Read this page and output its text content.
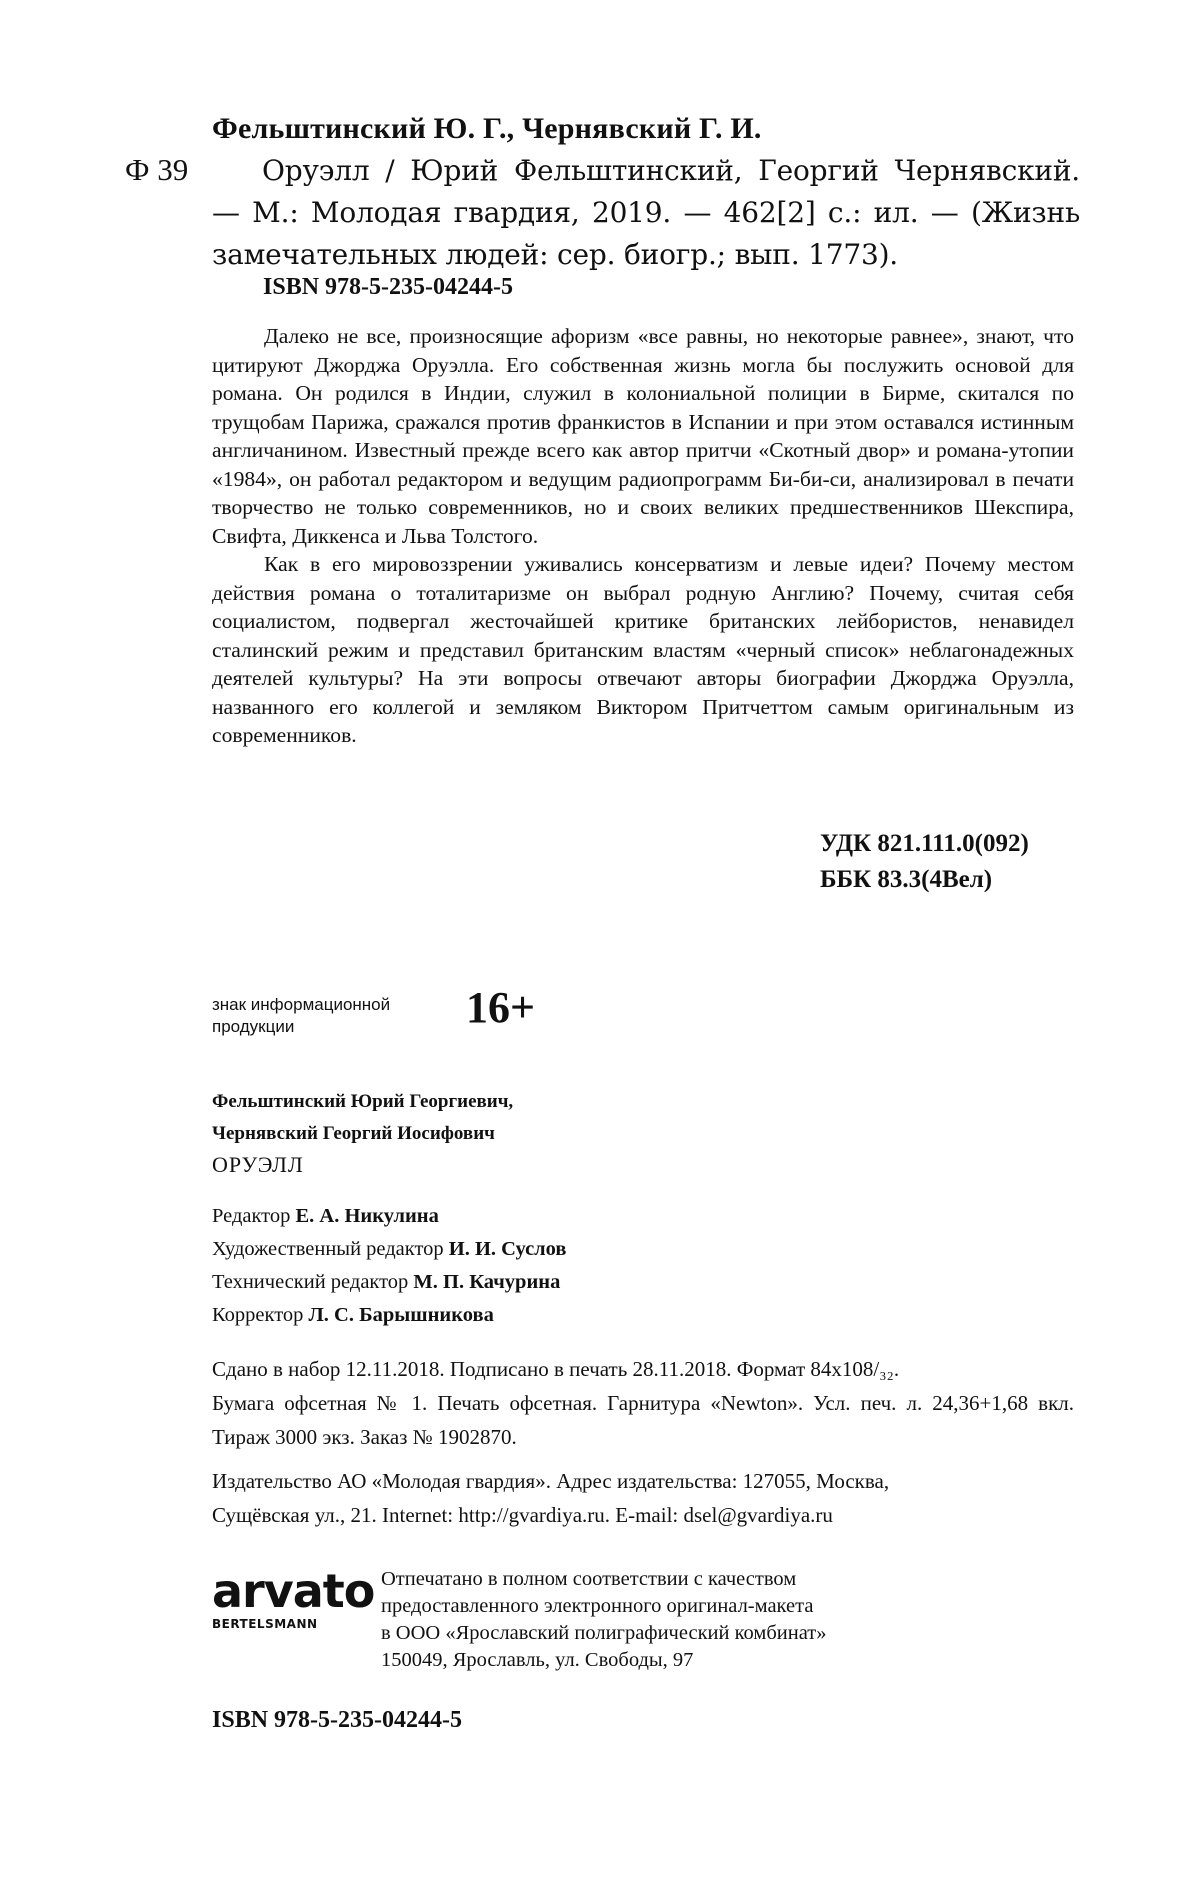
Фельштинский Ю. Г., Чернявский Г. И.
Ф 39	Оруэлл / Юрий Фельштинский, Георгий Чернявский. — М.: Молодая гвардия, 2019. — 462[2] с.: ил. — (Жизнь замечательных людей: сер. биогр.; вып. 1773).
ISBN 978-5-235-04244-5

Далеко не все, произносящие афоризм «все равны, но некоторые равнее», знают, что цитируют Джорджа Оруэлла. Его собственная жизнь могла бы послужить основой для романа. Он родился в Индии, служил в колониальной полиции в Бирме, скитался по трущобам Парижа, сражался против франкистов в Испании и при этом оставался истинным англичанином. Известный прежде всего как автор притчи «Скотный двор» и романа-утопии «1984», он работал редактором и ведущим радиопрограмм Би-би-си, анализировал в печати творчество не только современников, но и своих великих предшественников Шекспира, Свифта, Диккенса и Льва Толстого.

Как в его мировоззрении уживались консерватизм и левые идеи? Почему местом действия романа о тоталитаризме он выбрал родную Англию? Почему, считая себя социалистом, подвергал жесточайшей критике британских лейбористов, ненавидел сталинский режим и представил британским властям «черный список» неблагонадежных деятелей культуры? На эти вопросы отвечают авторы биографии Джорджа Оруэлла, названного его коллегой и земляком Виктором Притчеттом самым оригинальным из современников.

УДК 821.111.0(092)
ББК 83.3(4Вел)
знак информационной
продукции	16+
Фельштинский Юрий Георгиевич,
Чернявский Георгий Иосифович
ОРУЭЛЛ
Редактор Е. А. Никулина
Художественный редактор И. И. Суслов
Технический редактор М. П. Качурина
Корректор Л. С. Барышникова

Сдано в набор 12.11.2018. Подписано в печать 28.11.2018. Формат 84x108/₃₂.

Бумага офсетная № 1. Печать офсетная. Гарнитура «Newton». Усл. печ. л. 24,36+1,68 вкл. Тираж 3000 экз. Заказ № 1902870.

Издательство АО «Молодая гвардия». Адрес издательства: 127055, Москва,

Сущёвская ул., 21. Internet: http://gvardiya.ru. E-mail: dsel@gvardiya.ru

arvato
BERTELSMANN
Отпечатано в полном соответствии с качеством
предоставленного электронного оригинал-макета
в ООО «Ярославский полиграфический комбинат»
150049, Ярославль, ул. Свободы, 97
ISBN 978-5-235-04244-5
